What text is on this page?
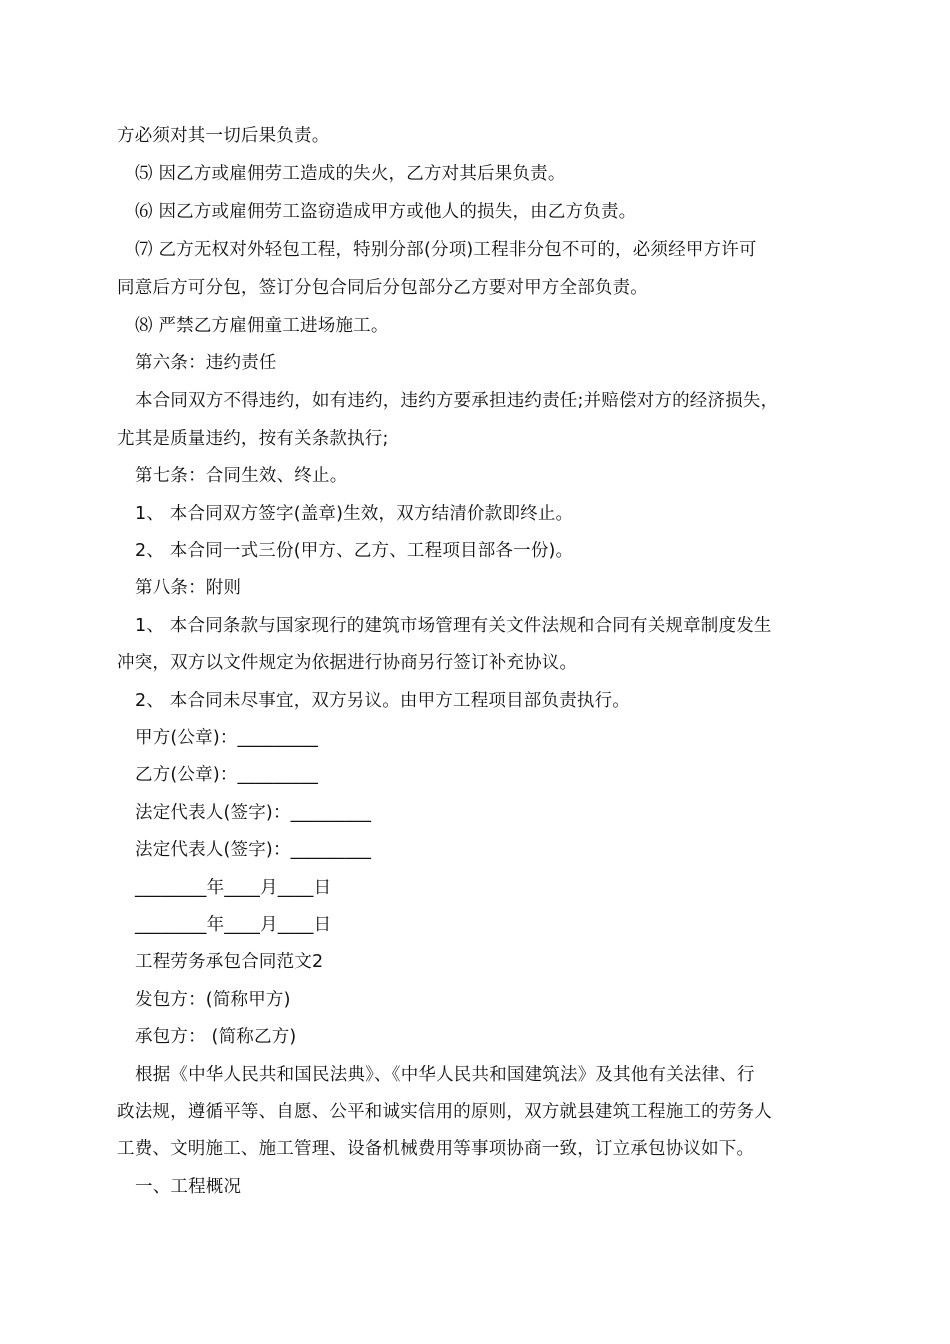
方必须对其一切后果负责。
⑸ 因乙方或雇佣劳工造成的失火，乙方对其后果负责。
⑹ 因乙方或雇佣劳工盗窃造成甲方或他人的损失，由乙方负责。
⑺ 乙方无权对外轻包工程，特别分部(分项)工程非分包不可的，必须经甲方许可
同意后方可分包，签订分包合同后分包部分乙方要对甲方全部负责。
⑻ 严禁乙方雇佣童工进场施工。
第六条：违约责任
本合同双方不得违约，如有违约，违约方要承担违约责任;并赔偿对方的经济损失，
尤其是质量违约，按有关条款执行;
第七条：合同生效、终止。
1、 本合同双方签字(盖章)生效，双方结清价款即终止。
2、 本合同一式三份(甲方、乙方、工程项目部各一份)。
第八条：附则
1、 本合同条款与国家现行的建筑市场管理有关文件法规和合同有关规章制度发生
冲突，双方以文件规定为依据进行协商另行签订补充协议。
2、 本合同未尽事宜，双方另议。由甲方工程项目部负责执行。
甲方(公章)：_________
乙方(公章)：_________
法定代表人(签字)：_________
法定代表人(签字)：_________
________年____月____日
________年____月____日
工程劳务承包合同范文2
发包方：(简称甲方)
承包方： (简称乙方)
根据《中华人民共和国民法典》、《中华人民共和国建筑法》及其他有关法律、行
政法规，遵循平等、自愿、公平和诚实信用的原则，双方就县建筑工程施工的劳务人
工费、文明施工、施工管理、设备机械费用等事项协商一致，订立承包协议如下。
一、工程概况
